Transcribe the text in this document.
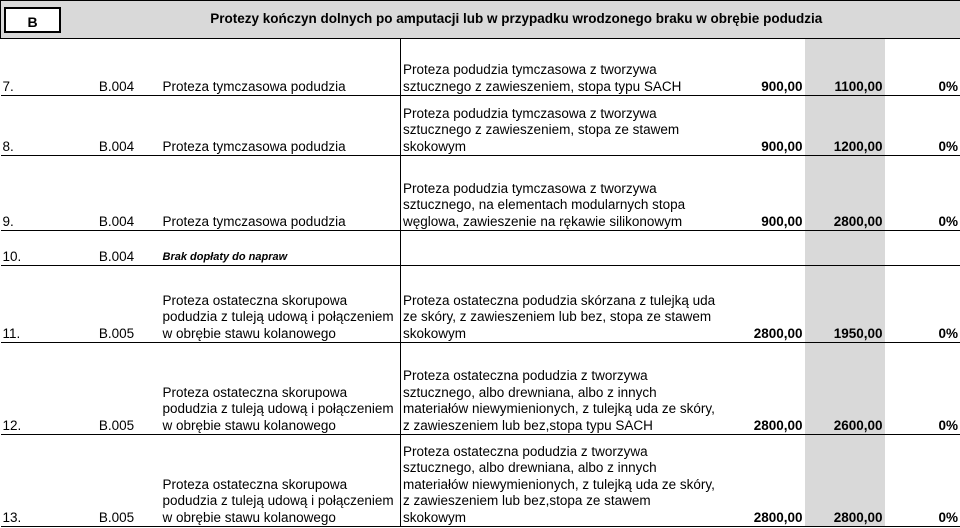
B	Protezy kończyn dolnych po amputacji lub w przypadku wrodzonego braku w obrębie podudzia					
7.	B.004	Proteza tymczasowa podudzia	Proteza podudzia tymczasowa z tworzywa sztucznego z zawieszeniem, stopa typu SACH	900,00	1100,00	0%
8.	B.004	Proteza tymczasowa podudzia	Proteza podudzia tymczasowa z tworzywa sztucznego z zawieszeniem, stopa ze stawem skokowym	900,00	1200,00	0%
9.	B.004	Proteza tymczasowa podudzia	Proteza podudzia tymczasowa z tworzywa sztucznego, na elementach modularnych stopa węglowa, zawieszenie na rękawie silikonowym	900,00	2800,00	0%
10.	B.004	Brak dopłaty do napraw				
11.	B.005	Proteza ostateczna skorupowa podudzia z tuleją udową i połączeniem w obrębie stawu kolanowego	Proteza ostateczna podudzia skórzana z tulejką uda ze skóry, z zawieszeniem lub bez, stopa ze stawem skokowym	2800,00	1950,00	0%
12.	B.005	Proteza ostateczna skorupowa podudzia z tuleją udową i połączeniem w obrębie stawu kolanowego	Proteza ostateczna podudzia z tworzywa sztucznego, albo drewniana, albo z innych materiałów niewymienionych, z tulejką uda ze skóry, z zawieszeniem lub bez,stopa typu SACH	2800,00	2600,00	0%
13.	B.005	Proteza ostateczna skorupowa podudzia z tuleją udową i połączeniem w obrębie stawu kolanowego	Proteza ostateczna podudzia z tworzywa sztucznego, albo drewniana, albo z innych materiałów niewymienionych, z tulejką uda ze skóry, z zawieszeniem lub bez,stopa ze stawem skokowym	2800,00	2800,00	0%
